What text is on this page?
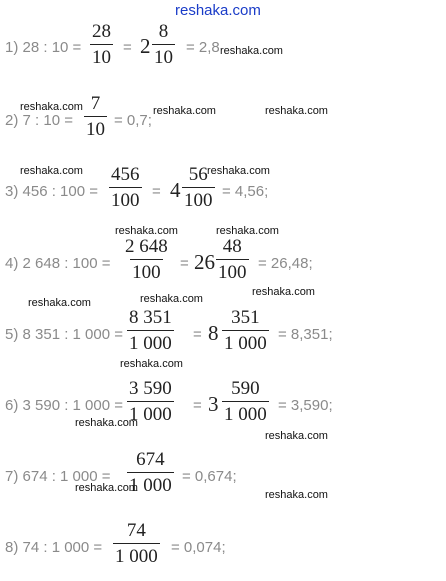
reshaka.com
1) 28 : $10 = \frac{28}{10} = 2 \frac{8}{10} = 2,8$
2) 7 : $10 = \frac{7}{10} = 0,7$;
3) 456 : $100 = \frac{456}{100} = 4 \frac{56}{100} = 4,56$;
4) 2 648 : $100 = \frac{2 648}{100} = 26 \frac{48}{100} = 26,48$;
5) 8 351 : 1 $000 = \frac{8 351}{1 000} = 8 \frac{351}{1 000} = 8,351$;
6) 3 590 : 1 $000 = \frac{3 590}{1 000} = 3 \frac{590}{1 000} = 3,590$;
7) 674 : 1 $000 = \frac{674}{1 000} = 0,674$;
8) 74 : 1 $000 = \frac{74}{1 000} = 0,074$;
reshaka.com
reshaka.com	reshaka.com	reshaka.com
reshaka.com	reshaka.com
reshaka.com	reshaka.com
reshaka.com
reshaka.com
reshaka.com
reshaka.com
reshaka.com
reshaka.com
reshaka.com
reshaka.com
